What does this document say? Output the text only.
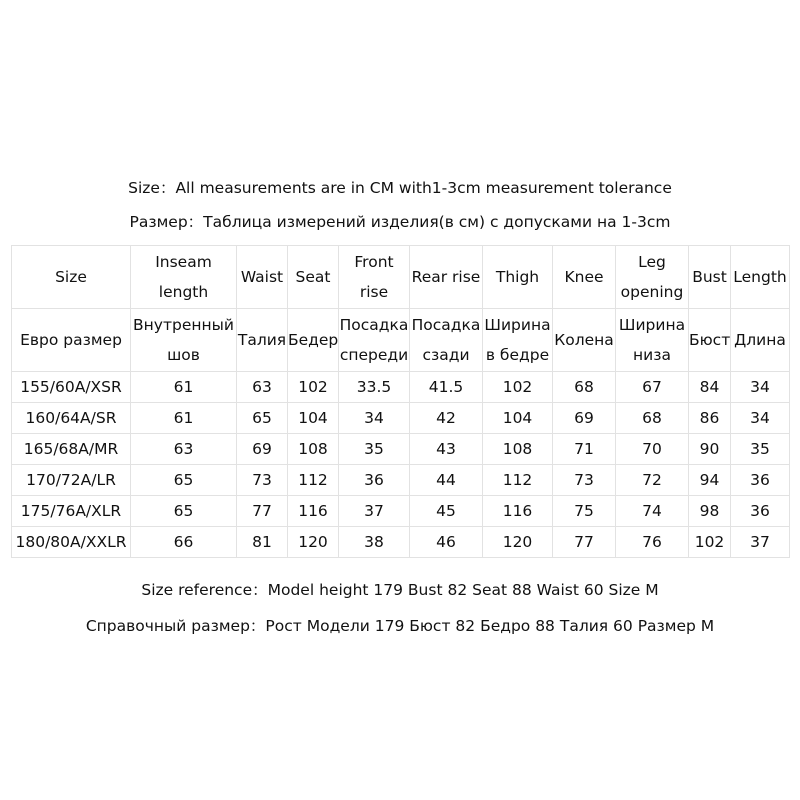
Size：All measurements are in CM with1-3cm measurement tolerance
Размер：Таблица измерений изделия(в см) с допусками на 1-3cm
Size	Inseam length	Waist	Seat	Front rise	Rear rise	Thigh	Knee	Leg opening	Bust	Length
Евро размер	Внутренный шов	Талия	Бедер	Посадка спереди	Посадка сзади	Ширина в бедре	Колена	Ширина низа	Бюст	Длина
155/60A/XSR	61	63	102	33.5	41.5	102	68	67	84	34
160/64A/SR	61	65	104	34	42	104	69	68	86	34
165/68A/MR	63	69	108	35	43	108	71	70	90	35
170/72A/LR	65	73	112	36	44	112	73	72	94	36
175/76A/XLR	65	77	116	37	45	116	75	74	98	36
180/80A/XXLR	66	81	120	38	46	120	77	76	102	37
Size reference：Model height 179 Bust 82 Seat 88 Waist 60 Size M
Справочный размер：Рост Модели 179 Бюст 82 Бедро 88 Талия 60 Размер M
